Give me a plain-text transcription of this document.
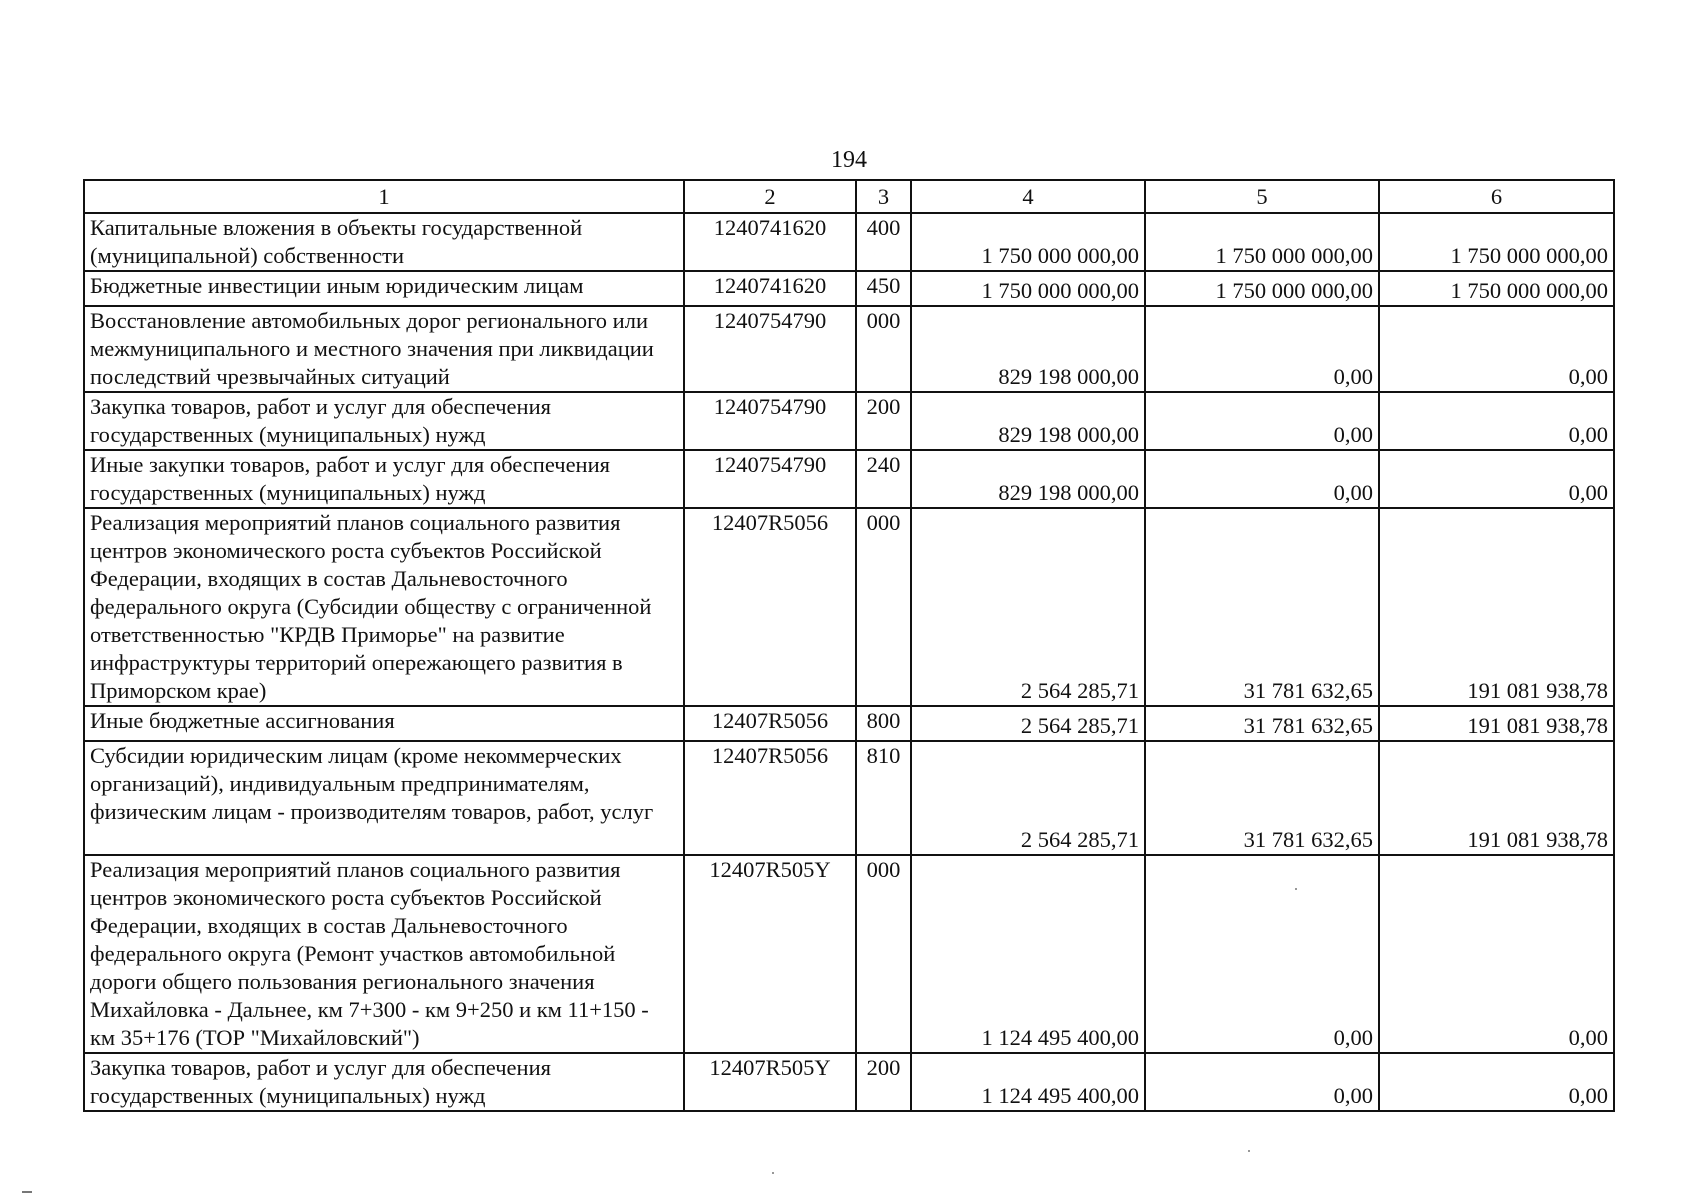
194
1	2	3	4	5	6
Капитальные вложения в объекты государственной (муниципальной) собственности	1240741620	400	1 750 000 000,00	1 750 000 000,00	1 750 000 000,00
Бюджетные инвестиции иным юридическим лицам	1240741620	450	1 750 000 000,00	1 750 000 000,00	1 750 000 000,00
Восстановление автомобильных дорог регионального или межмуниципального и местного значения при ликвидации последствий чрезвычайных ситуаций	1240754790	000	829 198 000,00	0,00	0,00
Закупка товаров, работ и услуг для обеспечения государственных (муниципальных) нужд	1240754790	200	829 198 000,00	0,00	0,00
Иные закупки товаров, работ и услуг для обеспечения государственных (муниципальных) нужд	1240754790	240	829 198 000,00	0,00	0,00
Реализация мероприятий планов социального развития центров экономического роста субъектов Российской Федерации, входящих в состав Дальневосточного федерального округа (Субсидии обществу с ограниченной ответственностью "КРДВ Приморье" на развитие инфраструктуры территорий опережающего развития в Приморском крае)	12407R5056	000	2 564 285,71	31 781 632,65	191 081 938,78
Иные бюджетные ассигнования	12407R5056	800	2 564 285,71	31 781 632,65	191 081 938,78
Субсидии юридическим лицам (кроме некоммерческих организаций), индивидуальным предпринимателям, физическим лицам - производителям товаров, работ, услуг	12407R5056	810	2 564 285,71	31 781 632,65	191 081 938,78
Реализация мероприятий планов социального развития центров экономического роста субъектов Российской Федерации, входящих в состав Дальневосточного федерального округа (Ремонт участков автомобильной дороги общего пользования регионального значения Михайловка - Дальнее, км 7+300 - км 9+250 и км 11+150 - км 35+176 (ТОР "Михайловский")	12407R505Y	000	1 124 495 400,00	0,00	0,00
Закупка товаров, работ и услуг для обеспечения государственных (муниципальных) нужд	12407R505Y	200	1 124 495 400,00	0,00	0,00
